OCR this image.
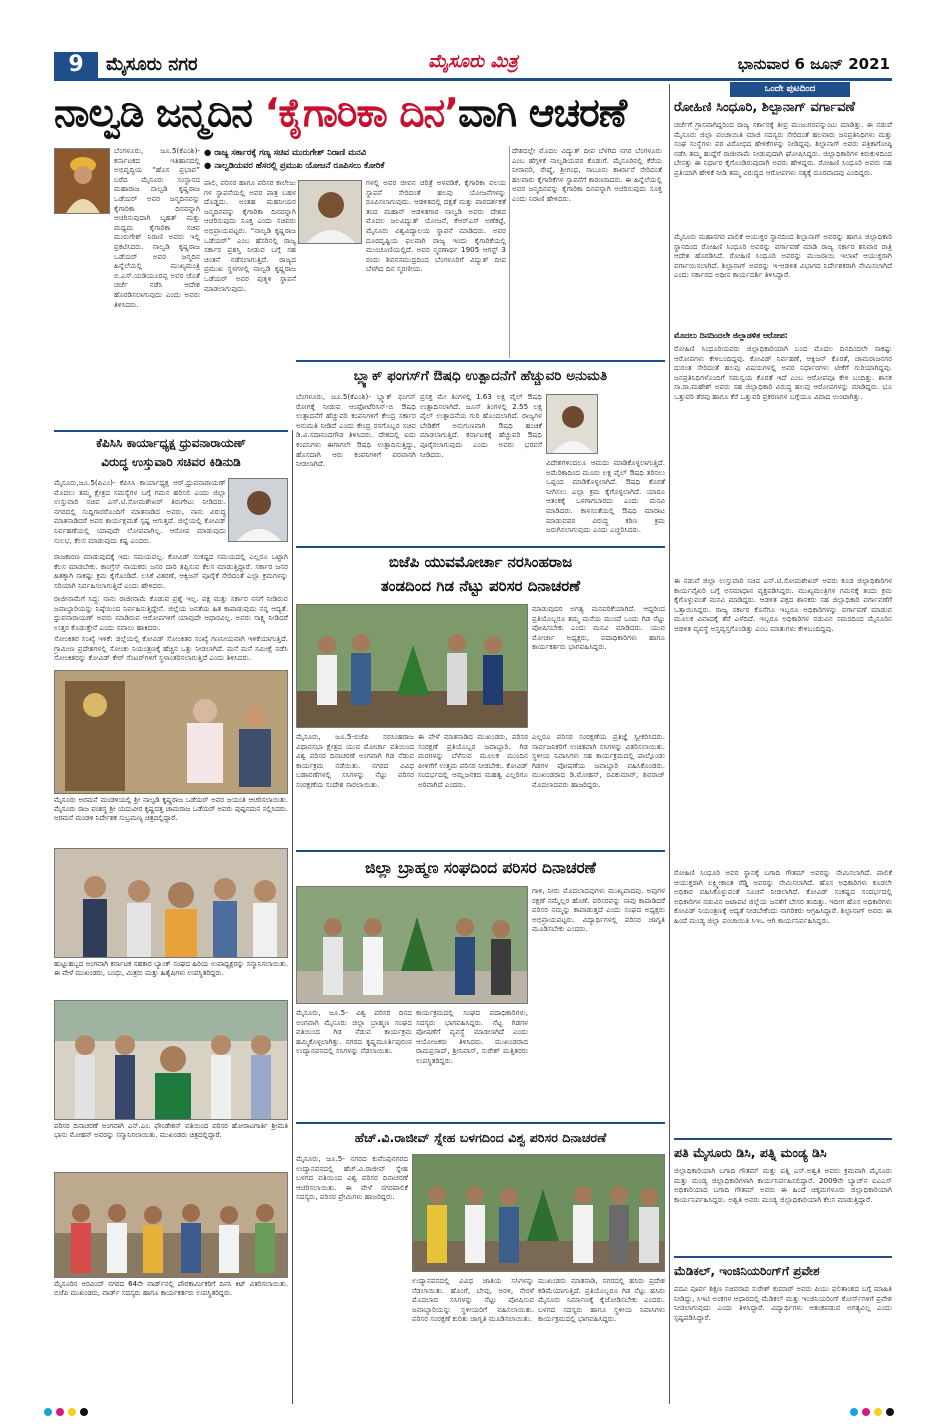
9	ಮೈಸೂರು ನಗರ	ಮೈಸೂರು ಮಿತ್ರ	ಭಾನುವಾರ 6 ಜೂನ್ 2021
ನಾಲ್ವಡಿ ಜನ್ಮದಿನ ‘ಕೈಗಾರಿಕಾ ದಿನ’ವಾಗಿ ಆಚರಣೆ
ಬೆಂಗಳೂರು, ಜೂ.5(ಕೆಎಂಶಿ)- ಕರ್ನಾಟಕದ ಇತಿಹಾಸದಲ್ಲಿ ಅಭಿವೃದ್ಧಿಯ “ಹೊಸ ಪ್ರಭಾವ” ಬರೆದ ಮೈಸೂರು ಸಂಸ್ಥಾನದ ಮಹಾರಾಜ ನಾಲ್ವಡಿ ಕೃಷ್ಣರಾಜ ಒಡೆಯರ್ ಅವರ ಜನ್ಮದಿನವನ್ನು ಕೈಗಾರಿಕಾ ದಿನವನ್ನಾಗಿ ಆಚರಿಸುವುದಾಗಿ ಬೃಹತ್ ಮತ್ತು ಮಧ್ಯಮ ಕೈಗಾರಿಕಾ ಸಚಿವ ಮುರುಗೇಶ್ ನಿರಾಣಿ ಅವರು ಇಲ್ಲಿ ಪ್ರಕಟಿಸಿದರು. ನಾಲ್ವಡಿ ಕೃಷ್ಣರಾಜ ಒಡೆಯರ್ ಅವರ ಜನ್ಮದಿನ ಹಿನ್ನೆಲೆಯಲ್ಲಿ ಮುಖ್ಯಮಂತ್ರಿ ಬಿ.ಎಸ್.ಯಡಿಯೂರಪ್ಪ ಅವರ ಜೊತೆ ಚರ್ಚೆ ನಡೆಸಿ ಆದೇಶ ಹೊರಡಿಸಲಾಗುವುದು ಎಂದು ಅವರು ತಿಳಿಸಿದರು.
● ರಾಜ್ಯ ಸರ್ಕಾರಕ್ಕೆ ಗಣ್ಯ ಸಚಿವ ಮುರುಗೇಶ್ ನಿರಾಣಿ ಮನವಿ
● ನಾಲ್ವಡಿಯವರ ಹೆಸರಲ್ಲಿ ಪ್ರಮುಖ ಯೋಜನೆ ರೂಪಿಸಲು ಕೋರಿಕೆ
ಪಾಲಿ, ಪರಿಸರ ಹಾಗೂ ಪರಿಸರ ಕಾಲೇಜು ಗಳ ಸ್ಥಾಪನೆಯಲ್ಲಿ ಅವರ ಪಾತ್ರ ಬಹಳ ದೊಡ್ಡದು. ಅಂತಹ ಮಹನೀಯರ ಜನ್ಮದಿನವನ್ನು ಕೈಗಾರಿಕಾ ದಿನವನ್ನಾಗಿ ಆಚರಿಸುವುದು ಸೂಕ್ತ ಎಂದು ಸಚಿವರು ಅಭಿಪ್ರಾಯಪಟ್ಟರು. “ನಾಲ್ವಡಿ ಕೃಷ್ಣರಾಜ ಒಡೆಯರ್” ಎಂಬ ಹೆಸರಿನಲ್ಲಿ ರಾಜ್ಯ ಸರ್ಕಾರ ಪ್ರಶಸ್ತಿ ನೀಡುವ ಬಗ್ಗೆ ಸಹ ಚಿಂತನೆ ನಡೆಸಲಾಗುತ್ತಿದೆ. ರಾಜ್ಯದ ಪ್ರಮುಖ ಸ್ಥಳಗಳಲ್ಲಿ ನಾಲ್ವಡಿ ಕೃಷ್ಣರಾಜ ಒಡೆಯರ್ ಅವರ ಪುತ್ಥಳಿ ಸ್ಥಾಪನೆ ಮಾಡಲಾಗುವುದು.
ಗಳಲ್ಲಿ ಅವರ ಜೀವನ ಚರಿತ್ರೆ ಅಳವಡಿಕೆ, ಕೈಗಾರಿಕಾ ವಲಯ ಸ್ಥಾಪನೆ ಸೇರಿದಂತೆ ಹಲವು ಯೋಜನೆಗಳನ್ನು ರೂಪಿಸಲಾಗುವುದು. ಆಡಳಿತದಲ್ಲಿ ದಕ್ಷತೆ ಮತ್ತು ಪಾರದರ್ಶಕತೆ ತಂದ ಮಹಾನ್ ಆಡಳಿತಗಾರ ನಾಲ್ವಡಿ ಅವರು ದೇಶದ ಮೊದಲ ಜಲವಿದ್ಯುತ್ ಯೋಜನೆ, ಕೆಆರ್‌ಎಸ್ ಅಣೆಕಟ್ಟೆ, ಮೈಸೂರು ವಿಶ್ವವಿದ್ಯಾಲಯ ಸ್ಥಾಪನೆ ಮಾಡಿದರು. ಅವರ ದೂರದೃಷ್ಟಿಯ ಫಲವಾಗಿ ರಾಜ್ಯ ಇಂದು ಕೈಗಾರಿಕೆಯಲ್ಲಿ ಮುಂಚೂಣಿಯಲ್ಲಿದೆ. ಅವರ ಸ್ಮರಣಾರ್ಥ 1905 ಆಗಸ್ಟ್ 3 ರಂದು ಶಿವನಸಮುದ್ರದಿಂದ ಬೆಂಗಳೂರಿಗೆ ವಿದ್ಯುತ್ ದೀಪ ಬೆಳಗಿದ ದಿನ ಸ್ಮರಣೀಯ.
ದೇಶದಲ್ಲೇ ಮೊದಲ ವಿದ್ಯುತ್ ದೀಪ ಬೆಳಗಿದ ನಗರ ಬೆಂಗಳೂರು ಎಂಬ ಹೆಗ್ಗಳಿಕೆ ನಾಲ್ವಡಿಯವರ ಕೊಡುಗೆ. ಮೈಸೂರಿನಲ್ಲಿ ಕೆರೆಯ ನೀರಾವರಿ, ರೇಷ್ಮೆ, ಶ್ರೀಗಂಧ, ಸಾಬೂನು ಕಾರ್ಖಾನೆ ಸೇರಿದಂತೆ ಹಲವಾರು ಕೈಗಾರಿಕೆಗಳ ಸ್ಥಾಪನೆಗೆ ಕಾರಣರಾದರು. ಈ ಹಿನ್ನೆಲೆಯಲ್ಲಿ ಅವರ ಜನ್ಮದಿನವನ್ನು ಕೈಗಾರಿಕಾ ದಿನವನ್ನಾಗಿ ಆಚರಿಸುವುದು ಸೂಕ್ತ ಎಂದು ನಿರಾಣಿ ಹೇಳಿದರು.
ಒಂದೇ ಪುಟದಿಂದ
ರೋಹಿಣಿ ಸಿಂಧೂರಿ, ಶಿಲ್ಪಾನಾಗ್ ವರ್ಗಾವಣೆ
ಚರ್ಚೆಗೆ ಗ್ರಾಸವಾಗಿದ್ದರಿಂದ ರಾಜ್ಯ ಸರ್ಕಾರಕ್ಕೆ ತೀವ್ರ ಮುಜುಗರವನ್ನುಂಟು ಮಾಡಿತ್ತು. ಈ ನಡುವೆ ಮೈಸೂರು ಜಿಲ್ಲಾ ಪಂಚಾಯಿತಿ ಮಾಜಿ ಸದಸ್ಯರು ಸೇರಿದಂತೆ ಹಲವಾರು ಜನಪ್ರತಿನಿಧಿಗಳು ಮತ್ತು ಸಂಘ ಸಂಸ್ಥೆಗಳು ಪರ ವಿರೋಧದ ಹೇಳಿಕೆಗಳನ್ನು ನೀಡಿದ್ದವು. ಶಿಲ್ಪಾನಾಗ್ ಅವರು ಪತ್ರಿಕಾಗೋಷ್ಠಿ ನಡೆಸಿ ತಮ್ಮ ಹುದ್ದೆಗೆ ರಾಜೀನಾಮೆ ನೀಡುವುದಾಗಿ ಘೋಷಿಸಿದ್ದರು. ಜಿಲ್ಲಾಧಿಕಾರಿಗಳ ಕಿರುಕುಳದಿಂದ ಬೇಸತ್ತು ಈ ನಿರ್ಧಾರ ಕೈಗೊಂಡಿರುವುದಾಗಿ ಅವರು ಹೇಳಿದ್ದರು. ರೋಹಿಣಿ ಸಿಂಧೂರಿ ಅವರು ಸಹ ಪ್ರತಿಯಾಗಿ ಹೇಳಿಕೆ ನೀಡಿ ತಮ್ಮ ವಿರುದ್ಧದ ಆರೋಪಗಳು ಸತ್ಯಕ್ಕೆ ದೂರವಾದವು ಎಂದಿದ್ದರು.
ಮೈಸೂರು ಮಹಾನಗರ ಪಾಲಿಕೆ ಆಯುಕ್ತರ ಸ್ಥಾನದಿಂದ ಶಿಲ್ಪಾನಾಗ್ ಅವರನ್ನು ಹಾಗೂ ಜಿಲ್ಲಾಧಿಕಾರಿ ಸ್ಥಾನದಿಂದ ರೋಹಿಣಿ ಸಿಂಧೂರಿ ಅವರನ್ನು ವರ್ಗಾವಣೆ ಮಾಡಿ ರಾಜ್ಯ ಸರ್ಕಾರ ಶನಿವಾರ ರಾತ್ರಿ ಆದೇಶ ಹೊರಡಿಸಿದೆ. ರೋಹಿಣಿ ಸಿಂಧೂರಿ ಅವರನ್ನು ಮುಜರಾಯಿ ಇಲಾಖೆ ಆಯುಕ್ತರಾಗಿ ವರ್ಗಾಯಿಸಲಾಗಿದೆ. ಶಿಲ್ಪಾನಾಗ್ ಅವರನ್ನು ಇ-ಆಡಳಿತ ವಿಭಾಗದ ನಿರ್ದೇಶಕರಾಗಿ ನೇಮಿಸಲಾಗಿದೆ ಎಂದು ಸರ್ಕಾರದ ಅಧೀನ ಕಾರ್ಯದರ್ಶಿ ತಿಳಿಸಿದ್ದಾರೆ.
ಮೊದಲು ದಿನದಿಂದಲೇ ಜಿಲ್ಲಾಡಳಿತ ಆರೋಪ:
ರೋಹಿಣಿ ಸಿಂಧೂರಿಯವರು ಜಿಲ್ಲಾಧಿಕಾರಿಯಾಗಿ ಬಂದ ಮೊದಲ ದಿನದಿಂದಲೇ ಸಾಕಷ್ಟು ಆರೋಪಗಳು ಕೇಳಿಬಂದಿದ್ದವು. ಕೋವಿಡ್ ನಿರ್ವಹಣೆ, ಆಕ್ಸಿಜನ್ ಕೊರತೆ, ಚಾಮರಾಜನಗರ ದುರಂತ ಸೇರಿದಂತೆ ಹಲವು ವಿಷಯಗಳಲ್ಲಿ ಅವರ ನಿರ್ಧಾರಗಳು ಟೀಕೆಗೆ ಗುರಿಯಾಗಿದ್ದವು. ಜನಪ್ರತಿನಿಧಿಗಳೊಂದಿಗೆ ಸಮನ್ವಯ ಕೊರತೆ ಇದೆ ಎಂಬ ಆರೋಪವೂ ಕೇಳಿ ಬಂದಿತ್ತು. ಶಾಸಕ ಸಾ.ರಾ.ಮಹೇಶ್ ಅವರು ಸಹ ಜಿಲ್ಲಾಧಿಕಾರಿ ವಿರುದ್ಧ ಹಲವು ಆರೋಪಗಳನ್ನು ಮಾಡಿದ್ದರು. ಭೂ ಒತ್ತುವರಿ ತೆರವು ಹಾಗೂ ಕೆರೆ ಒತ್ತುವರಿ ಪ್ರಕರಣಗಳ ಬಗ್ಗೆಯೂ ವಿವಾದ ಉಂಟಾಗಿತ್ತು.
ಈ ನಡುವೆ ಜಿಲ್ಲಾ ಉಸ್ತುವಾರಿ ಸಚಿವ ಎಸ್.ಟಿ.ಸೋಮಶೇಖರ್ ಅವರು ಕೂಡ ಜಿಲ್ಲಾಧಿಕಾರಿಗಳ ಕಾರ್ಯವೈಖರಿ ಬಗ್ಗೆ ಅಸಮಾಧಾನ ವ್ಯಕ್ತಪಡಿಸಿದ್ದರು. ಮುಖ್ಯಮಂತ್ರಿಗಳ ಗಮನಕ್ಕೆ ತಂದು ಕ್ರಮ ಕೈಗೊಳ್ಳುವಂತೆ ಮನವಿ ಮಾಡಿದ್ದರು. ಆಡಳಿತ ಪಕ್ಷದ ಶಾಸಕರು ಸಹ ಜಿಲ್ಲಾಧಿಕಾರಿ ವರ್ಗಾವಣೆಗೆ ಒತ್ತಾಯಿಸಿದ್ದರು. ರಾಜ್ಯ ಸರ್ಕಾರ ಕೊನೆಗೂ ಇಬ್ಬರೂ ಅಧಿಕಾರಿಗಳನ್ನು ವರ್ಗಾವಣೆ ಮಾಡುವ ಮೂಲಕ ವಿವಾದಕ್ಕೆ ತೆರೆ ಎಳೆದಿದೆ. ಇಬ್ಬರೂ ಅಧಿಕಾರಿಗಳ ನಡುವಿನ ಸಮರದಿಂದ ಮೈಸೂರಿನ ಆಡಳಿತ ವ್ಯವಸ್ಥೆ ಅಸ್ತವ್ಯಸ್ತಗೊಂಡಿತ್ತು ಎಂಬ ಮಾತುಗಳು ಕೇಳಿಬಂದಿದ್ದವು.
ರೋಹಿಣಿ ಸಿಂಧೂರಿ ಅವರ ಸ್ಥಾನಕ್ಕೆ ಬಗಾದಿ ಗೌತಮ್ ಅವರನ್ನು ನೇಮಿಸಲಾಗಿದೆ. ಪಾಲಿಕೆ ಆಯುಕ್ತರಾಗಿ ಲಕ್ಷ್ಮೀಕಾಂತ ರೆಡ್ಡಿ ಅವರನ್ನು ನೇಮಿಸಲಾಗಿದೆ. ಹೊಸ ಅಧಿಕಾರಿಗಳು ಕೂಡಲೇ ಅಧಿಕಾರ ವಹಿಸಿಕೊಳ್ಳುವಂತೆ ಸೂಚನೆ ನೀಡಲಾಗಿದೆ. ಕೋವಿಡ್ ಸಂಕಷ್ಟದ ಸಂದರ್ಭದಲ್ಲಿ ಅಧಿಕಾರಿಗಳ ನಡುವಿನ ಜಟಾಪಟಿ ಜಿಲ್ಲೆಯ ಜನತೆಗೆ ಬೇಸರ ತಂದಿತ್ತು. ಇದೀಗ ಹೊಸ ಅಧಿಕಾರಿಗಳು ಕೋವಿಡ್ ನಿಯಂತ್ರಣಕ್ಕೆ ಆದ್ಯತೆ ನೀಡಬೇಕೆಂದು ನಾಗರಿಕರು ಆಗ್ರಹಿಸಿದ್ದಾರೆ. ಶಿಲ್ಪಾನಾಗ್ ಅವರು ಈ ಹಿಂದೆ ಮಂಡ್ಯ ಜಿಲ್ಲಾ ಪಂಚಾಯಿತಿ ಸಿಇಒ ಆಗಿ ಕಾರ್ಯನಿರ್ವಹಿಸಿದ್ದರು.
ಪತಿ ಮೈಸೂರು ಡಿಸಿ, ಪತ್ನಿ ಮಂಡ್ಯ ಡಿಸಿ
ಜಿಲ್ಲಾಧಿಕಾರಿಯಾಗಿ ಬಗಾದಿ ಗೌತಮ್ ಮತ್ತು ಪತ್ನಿ ಎಸ್.ಅಶ್ವತಿ ಅವರು ಕ್ರಮವಾಗಿ ಮೈಸೂರು ಮತ್ತು ಮಂಡ್ಯ ಜಿಲ್ಲಾಧಿಕಾರಿಗಳಾಗಿ ಕಾರ್ಯನಿರ್ವಹಿಸಲಿದ್ದಾರೆ. 2009ನೇ ಬ್ಯಾಚ್‌ನ ಐಎಎಸ್ ಅಧಿಕಾರಿಯಾದ ಬಗಾದಿ ಗೌತಮ್ ಅವರು ಈ ಹಿಂದೆ ಚಿಕ್ಕಮಗಳೂರು ಜಿಲ್ಲಾಧಿಕಾರಿಯಾಗಿ ಕಾರ್ಯನಿರ್ವಹಿಸಿದ್ದರು. ಅಶ್ವತಿ ಅವರು ಮಂಡ್ಯ ಜಿಲ್ಲಾಧಿಕಾರಿಯಾಗಿ ಕೆಲಸ ಮಾಡುತ್ತಿದ್ದಾರೆ.
ಮೆಡಿಕಲ್, ಇಂಜಿನಿಯರಿಂಗ್‌ಗೆ ಪ್ರವೇಶ
ಪದವಿ ಪೂರ್ವ ಶಿಕ್ಷಣ ಸಚಿವರಾದ ಸುರೇಶ್ ಕುಮಾರ್ ಅವರು ಪಿಯು ಫಲಿತಾಂಶದ ಬಗ್ಗೆ ಮಾಹಿತಿ ನೀಡಿದ್ದು, ಸಿಇಟಿ ಅಂಕಗಳ ಆಧಾರದಲ್ಲಿ ಮೆಡಿಕಲ್ ಮತ್ತು ಇಂಜಿನಿಯರಿಂಗ್ ಕೋರ್ಸ್‌ಗಳಿಗೆ ಪ್ರವೇಶ ನೀಡಲಾಗುವುದು ಎಂದು ತಿಳಿಸಿದ್ದಾರೆ. ವಿದ್ಯಾರ್ಥಿಗಳು ಆತಂಕಪಡುವ ಅಗತ್ಯವಿಲ್ಲ ಎಂದು ಸ್ಪಷ್ಟಪಡಿಸಿದ್ದಾರೆ.
ಕೆಪಿಸಿಸಿ ಕಾರ್ಯಾಧ್ಯಕ್ಷ ಧ್ರುವನಾರಾಯಣ್
ವಿರುದ್ಧ ಉಸ್ತುವಾರಿ ಸಚಿವರ ಕಿಡಿನುಡಿ
ಮೈಸೂರು,ಜೂ.5(ಪಿಎಂ)- ಕೆಪಿಸಿಸಿ ಕಾರ್ಯಾಧ್ಯಕ್ಷ ಆರ್.ಧ್ರುವನಾರಾಯಣ್ ಮೊದಲು ತಮ್ಮ ಕ್ಷೇತ್ರದ ಸಮಸ್ಯೆಗಳ ಬಗ್ಗೆ ಗಮನ ಹರಿಸಲಿ ಎಂದು ಜಿಲ್ಲಾ ಉಸ್ತುವಾರಿ ಸಚಿವ ಎಸ್.ಟಿ.ಸೋಮಶೇಖರ್ ತಿರುಗೇಟು ನೀಡಿದರು. ನಗರದಲ್ಲಿ ಸುದ್ದಿಗಾರರೊಂದಿಗೆ ಮಾತನಾಡಿದ ಅವರು, ನಾನು ವಿರುದ್ಧ ಮಾತನಾಡಿದರೆ ಅವರ ಕಾರ್ಯಕ್ಷಮತೆ ಸ್ಪಷ್ಟ ಆಗುತ್ತದೆ. ಜಿಲ್ಲೆಯಲ್ಲಿ ಕೋವಿಡ್ ನಿರ್ವಹಣೆಯಲ್ಲಿ ಯಾವುದೇ ಲೋಪವಾಗಿಲ್ಲ. ಆರೋಪ ಮಾಡುವುದು ಸುಲಭ, ಕೆಲಸ ಮಾಡುವುದು ಕಷ್ಟ ಎಂದರು.
ರಾಜಕಾರಣ ಮಾಡುವುದಕ್ಕೆ ಇದು ಸಮಯವಲ್ಲ. ಕೋವಿಡ್ ಸಂಕಷ್ಟದ ಸಮಯದಲ್ಲಿ ಎಲ್ಲರೂ ಒಟ್ಟಾಗಿ ಕೆಲಸ ಮಾಡಬೇಕು. ಕಾಂಗ್ರೆಸ್ ನಾಯಕರು ಜನರ ದಾರಿ ತಪ್ಪಿಸುವ ಕೆಲಸ ಮಾಡುತ್ತಿದ್ದಾರೆ. ಸರ್ಕಾರ ಜನರ ಹಿತಕ್ಕಾಗಿ ಸಾಕಷ್ಟು ಕ್ರಮ ಕೈಗೊಂಡಿದೆ. ಲಸಿಕೆ ವಿತರಣೆ, ಆಕ್ಸಿಜನ್ ಪೂರೈಕೆ ಸೇರಿದಂತೆ ಎಲ್ಲಾ ಕ್ರಮಗಳನ್ನು ಸರಿಯಾಗಿ ನಿರ್ವಹಿಸಲಾಗುತ್ತಿದೆ ಎಂದು ಹೇಳಿದರು.
ರಾಜೀನಾಮೆಗೆ ಸಿದ್ಧ: ನಾನು ರಾಜೀನಾಮೆ ಕೊಡುವ ಪ್ರಶ್ನೆ ಇಲ್ಲ. ಪಕ್ಷ ಮತ್ತು ಸರ್ಕಾರ ನನಗೆ ನೀಡಿರುವ ಜವಾಬ್ದಾರಿಯನ್ನು ನಿಷ್ಠೆಯಿಂದ ನಿರ್ವಹಿಸುತ್ತಿದ್ದೇನೆ. ಜಿಲ್ಲೆಯ ಜನತೆಯ ಹಿತ ಕಾಪಾಡುವುದು ನನ್ನ ಆದ್ಯತೆ. ಧ್ರುವನಾರಾಯಣ್ ಅವರು ಮಾಡಿರುವ ಆರೋಪಗಳಿಗೆ ಯಾವುದೇ ಆಧಾರವಿಲ್ಲ. ಅವರು ಸಾಕ್ಷ್ಯ ನೀಡಿದರೆ ಉತ್ತರ ಕೊಡುತ್ತೇನೆ ಎಂದು ಸವಾಲು ಹಾಕಿದರು.
ಸೋಂಕಿತರ ಸಂಖ್ಯೆ ಇಳಿಕೆ: ಜಿಲ್ಲೆಯಲ್ಲಿ ಕೋವಿಡ್ ಸೋಂಕಿತರ ಸಂಖ್ಯೆ ಗಣನೀಯವಾಗಿ ಇಳಿಕೆಯಾಗುತ್ತಿದೆ. ಗ್ರಾಮೀಣ ಪ್ರದೇಶಗಳಲ್ಲಿ ಸೋಂಕು ನಿಯಂತ್ರಣಕ್ಕೆ ಹೆಚ್ಚಿನ ಒತ್ತು ನೀಡಲಾಗಿದೆ. ಮನೆ ಮನೆ ಸಮೀಕ್ಷೆ ನಡೆಸಿ ಸೋಂಕಿತರನ್ನು ಕೋವಿಡ್ ಕೇರ್ ಸೆಂಟರ್‌ಗಳಿಗೆ ಸ್ಥಳಾಂತರಿಸಲಾಗುತ್ತಿದೆ ಎಂದು ತಿಳಿಸಿದರು.
ಮೈಸೂರು ಅರಮನೆ ಮಂಡಳಿಯಲ್ಲಿ ಶ್ರೀ ನಾಲ್ವಡಿ ಕೃಷ್ಣರಾಜ ಒಡೆಯರ್ ಅವರ ಜಯಂತಿ ಆಚರಿಸಲಾಯಿತು. ಮೈಸೂರು ರಾಜ ವಂಶಸ್ಥ ಶ್ರೀ ಯದುವೀರ ಕೃಷ್ಣದತ್ತ ಚಾಮರಾಜ ಒಡೆಯರ್ ಅವರು ಪುಷ್ಪನಮನ ಸಲ್ಲಿಸಿದರು. ಅರಮನೆ ಮಂಡಳಿ ನಿರ್ದೇಶಕ ಸುಬ್ರಮಣ್ಯ ಚಿತ್ರದಲ್ಲಿದ್ದಾರೆ.
ಹುಟ್ಟುಹಬ್ಬದ ಅಂಗವಾಗಿ ಕರ್ನಾಟಕ ಸಹಕಾರ ಬ್ಯಾಂಕ್ ಸಂಘದ ಹಿರಿಯ ಉಪಾಧ್ಯಕ್ಷರನ್ನು ಸನ್ಮಾನಿಸಲಾಯಿತು. ಈ ವೇಳೆ ಮುಖಂಡರು, ಬಂಧು, ಮಿತ್ರರು ಮತ್ತು ಹಿತೈಷಿಗಳು ಉಪಸ್ಥಿತರಿದ್ದರು.
ಪರಿಸರ ದಿನಾಚರಣೆ ಅಂಗವಾಗಿ ಎನ್.ಎಂ. ಫೌಂಡೇಶನ್ ವತಿಯಿಂದ ಪರಿಸರ ಹೋರಾಟಗಾರ್ತಿ ಶ್ರೀಮತಿ ಭಾನು ಮೋಹನ್ ಅವರನ್ನು ಸನ್ಮಾನಿಸಲಾಯಿತು. ಮುಖಂಡರು ಚಿತ್ರದಲ್ಲಿದ್ದಾರೆ.
ಮೈಸೂರಿನ ಅರವಿಂದ್ ನಗರದ 64ನೇ ವಾರ್ಡ್‌ನಲ್ಲಿ ಪೌರಕಾರ್ಮಿಕರಿಗೆ ದಿನಸಿ ಕಿಟ್ ವಿತರಿಸಲಾಯಿತು. ಬಿಜೆಪಿ ಮುಖಂಡರು, ವಾರ್ಡ್ ಸದಸ್ಯರು ಹಾಗೂ ಕಾರ್ಯಕರ್ತರು ಉಪಸ್ಥಿತರಿದ್ದರು.
ಬ್ಲ್ಯಾಕ್ ಫಂಗಸ್‌ಗೆ ಔಷಧಿ ಉತ್ಪಾದನೆಗೆ ಹೆಚ್ಚುವರಿ ಅನುಮತಿ
ಬೆಂಗಳೂರು, ಜೂ.5(ಕೆಎಂಶಿ)- ಬ್ಲ್ಯಾಕ್ ಫಂಗಸ್ ರೋಗಕ್ಕೆ ನೀಡುವ ಆಂಫೋಟೆರಿಸಿನ್-ಬಿ ಔಷಧಿ ಉತ್ಪಾದನೆಗೆ ಹೆಚ್ಚುವರಿ ಕಂಪನಿಗಳಿಗೆ ಕೇಂದ್ರ ಸರ್ಕಾರ ಅನುಮತಿ ನೀಡಿದೆ ಎಂದು ಕೇಂದ್ರ ರಸಗೊಬ್ಬರ ಸಚಿವ ಡಿ.ವಿ.ಸದಾನಂದಗೌಡ ತಿಳಿಸಿದರು. ದೇಶದಲ್ಲಿ ಐದು ಕಂಪನಿಗಳು ಈಗಾಗಲೇ ಔಷಧಿ ಉತ್ಪಾದಿಸುತ್ತಿದ್ದು, ಹೊಸದಾಗಿ ಆರು ಕಂಪನಿಗಳಿಗೆ ಪರವಾನಗಿ ನೀಡಲಾಗಿದೆ.
ಪ್ರಸಕ್ತ ಮೇ ತಿಂಗಳಲ್ಲಿ 1.63 ಲಕ್ಷ ವೈಲ್ ಔಷಧಿ ಉತ್ಪಾದಿಸಲಾಗಿದೆ. ಜೂನ್ ತಿಂಗಳಲ್ಲಿ 2.55 ಲಕ್ಷ ವೈಲ್ ಉತ್ಪಾದನೆಯ ಗುರಿ ಹೊಂದಲಾಗಿದೆ. ರಾಜ್ಯಗಳ ಬೇಡಿಕೆಗೆ ಅನುಗುಣವಾಗಿ ಔಷಧಿ ಹಂಚಿಕೆ ಮಾಡಲಾಗುತ್ತಿದೆ. ಕರ್ನಾಟಕಕ್ಕೆ ಹೆಚ್ಚುವರಿ ಔಷಧಿ ಪೂರೈಸಲಾಗುವುದು ಎಂದು ಅವರು ಭರವಸೆ ನೀಡಿದರು.
ವಿದೇಶಗಳಿಂದಲೂ ಆಮದು ಮಾಡಿಕೊಳ್ಳಲಾಗುತ್ತಿದೆ. ಅಮೆರಿಕಾದಿಂದ ಮೂರು ಲಕ್ಷ ವೈಲ್ ಔಷಧಿ ತರಿಸಲು ಒಪ್ಪಂದ ಮಾಡಿಕೊಳ್ಳಲಾಗಿದೆ. ಔಷಧಿ ಕೊರತೆ ನೀಗಿಸಲು ಎಲ್ಲಾ ಕ್ರಮ ಕೈಗೊಳ್ಳಲಾಗಿದೆ. ಯಾರೂ ಆತಂಕಕ್ಕೆ ಒಳಗಾಗಬಾರದು ಎಂದು ಮನವಿ ಮಾಡಿದರು. ಕಾಳಸಂತೆಯಲ್ಲಿ ಔಷಧಿ ಮಾರಾಟ ಮಾಡುವವರ ವಿರುದ್ಧ ಕಠಿಣ ಕ್ರಮ ಜರುಗಿಸಲಾಗುವುದು ಎಂದು ಎಚ್ಚರಿಸಿದರು.
ಬಿಜೆಪಿ ಯುವಮೋರ್ಚಾ ನರಸಿಂಹರಾಜ
ತಂಡದಿಂದ ಗಿಡ ನೆಟ್ಟು ಪರಿಸರ ದಿನಾಚರಣೆ
ಮಾಡುವುದರ ಅಗತ್ಯ ಮನವರಿಕೆಯಾಗಿದೆ. ಆದ್ದರಿಂದ ಪ್ರತಿಯೊಬ್ಬರೂ ತಮ್ಮ ಮನೆಯ ಮುಂದೆ ಒಂದು ಗಿಡ ನೆಟ್ಟು ಪೋಷಿಸಬೇಕು ಎಂದು ಮನವಿ ಮಾಡಿದರು. ಯುವ ಮೋರ್ಚಾ ಅಧ್ಯಕ್ಷರು, ಪದಾಧಿಕಾರಿಗಳು ಹಾಗೂ ಕಾರ್ಯಕರ್ತರು ಭಾಗವಹಿಸಿದ್ದರು.
ಮೈಸೂರು, ಜೂ.5-ಬಿಜೆಪಿ ನರಸಿಂಹರಾಜ ವಿಧಾನಸಭಾ ಕ್ಷೇತ್ರದ ಯುವ ಮೋರ್ಚಾ ವತಿಯಿಂದ ವಿಶ್ವ ಪರಿಸರ ದಿನಾಚರಣೆ ಅಂಗವಾಗಿ ಗಿಡ ನೆಡುವ ಕಾರ್ಯಕ್ರಮ ನಡೆಯಿತು. ನಗರದ ವಿವಿಧ ಬಡಾವಣೆಗಳಲ್ಲಿ ಸಸಿಗಳನ್ನು ನೆಟ್ಟು ಪರಿಸರ ಸಂರಕ್ಷಣೆಯ ಸಂದೇಶ ಸಾರಲಾಯಿತು.
ಈ ವೇಳೆ ಮಾತನಾಡಿದ ಮುಖಂಡರು, ಪರಿಸರ ಸಂರಕ್ಷಣೆ ಪ್ರತಿಯೊಬ್ಬರ ಜವಾಬ್ದಾರಿ. ಗಿಡ ಮರಗಳನ್ನು ಬೆಳೆಸುವ ಮೂಲಕ ಮುಂದಿನ ಪೀಳಿಗೆಗೆ ಉತ್ತಮ ಪರಿಸರ ನೀಡಬೇಕು. ಕೋವಿಡ್ ಸಂದರ್ಭದಲ್ಲಿ ಆಮ್ಲಜನಕದ ಮಹತ್ವ ಎಲ್ಲರಿಗೂ ಅರಿವಾಗಿದೆ ಎಂದರು.
ಎಲ್ಲರೂ ಪರಿಸರ ಸಂರಕ್ಷಣೆಯ ಪ್ರತಿಜ್ಞೆ ಸ್ವೀಕರಿಸಿದರು. ಸಾರ್ವಜನಿಕರಿಗೆ ಉಚಿತವಾಗಿ ಸಸಿಗಳನ್ನು ವಿತರಿಸಲಾಯಿತು. ಸ್ಥಳೀಯ ನಿವಾಸಿಗಳು ಸಹ ಕಾರ್ಯಕ್ರಮದಲ್ಲಿ ಪಾಲ್ಗೊಂಡು ಗಿಡಗಳ ಪೋಷಣೆಯ ಜವಾಬ್ದಾರಿ ವಹಿಸಿಕೊಂಡರು. ಮುಖಂಡರಾದ ಡಿ.ಮೋಹನ್, ರವಿಕುಮಾರ್, ಶಿವರಾಜ್ ಮೊದಲಾದವರು ಹಾಜರಿದ್ದರು.
ಜಿಲ್ಲಾ ಬ್ರಾಹ್ಮಣ ಸಂಘದಿಂದ ಪರಿಸರ ದಿನಾಚರಣೆ
ಗಾಳಿ, ನೀರು ಮೊದಲಾದವುಗಳು ಮುಖ್ಯವಾದವು. ಅವುಗಳ ರಕ್ಷಣೆ ನಮ್ಮೆಲ್ಲರ ಹೊಣೆ. ಪರಿಸರವನ್ನು ನಾವು ಕಾಪಾಡಿದರೆ ಪರಿಸರ ನಮ್ಮನ್ನು ಕಾಪಾಡುತ್ತದೆ ಎಂದು ಸಂಘದ ಅಧ್ಯಕ್ಷರು ಅಭಿಪ್ರಾಯಪಟ್ಟರು. ವಿದ್ಯಾರ್ಥಿಗಳಲ್ಲಿ ಪರಿಸರ ಜಾಗೃತಿ ಮೂಡಿಸಬೇಕು ಎಂದರು.
ಮೈಸೂರು, ಜೂ.5- ವಿಶ್ವ ಪರಿಸರ ದಿನದ ಅಂಗವಾಗಿ ಮೈಸೂರು ಜಿಲ್ಲಾ ಬ್ರಾಹ್ಮಣ ಸಂಘದ ವತಿಯಿಂದ ಗಿಡ ನೆಡುವ ಕಾರ್ಯಕ್ರಮ ಹಮ್ಮಿಕೊಳ್ಳಲಾಗಿತ್ತು. ನಗರದ ಕೃಷ್ಣಮೂರ್ತಿಪುರಂನ ಉದ್ಯಾನವನದಲ್ಲಿ ಸಸಿಗಳನ್ನು ನೆಡಲಾಯಿತು.
ಕಾರ್ಯಕ್ರಮದಲ್ಲಿ ಸಂಘದ ಪದಾಧಿಕಾರಿಗಳು, ಸದಸ್ಯರು ಭಾಗವಹಿಸಿದ್ದರು. ನೆಟ್ಟ ಗಿಡಗಳ ಪೋಷಣೆಗೆ ವ್ಯವಸ್ಥೆ ಮಾಡಲಾಗಿದೆ ಎಂದು ಆಯೋಜಕರು ತಿಳಿಸಿದರು. ಮುಖಂಡರಾದ ರಾಮಪ್ರಸಾದ್, ಶ್ರೀನಿವಾಸ್, ಸುರೇಶ್ ಮತ್ತಿತರರು ಉಪಸ್ಥಿತರಿದ್ದರು.
ಹೆಚ್.ವಿ.ರಾಜೀವ್ ಸ್ನೇಹ ಬಳಗದಿಂದ ವಿಶ್ವ ಪರಿಸರ ದಿನಾಚರಣೆ
ಮೈಸೂರು, ಜೂ.5- ನಗರದ ಕುವೆಂಪುನಗರದ ಉದ್ಯಾನವನದಲ್ಲಿ ಹೆಚ್.ವಿ.ರಾಜೀವ್ ಸ್ನೇಹ ಬಳಗದ ವತಿಯಿಂದ ವಿಶ್ವ ಪರಿಸರ ದಿನಾಚರಣೆ ಆಚರಿಸಲಾಯಿತು. ಈ ವೇಳೆ ನಗರಪಾಲಿಕೆ ಸದಸ್ಯರು, ಪರಿಸರ ಪ್ರೇಮಿಗಳು ಹಾಜರಿದ್ದರು.
ಉದ್ಯಾನವನದಲ್ಲಿ ವಿವಿಧ ಜಾತಿಯ ಸಸಿಗಳನ್ನು ನೆಡಲಾಯಿತು. ಹೊಂಗೆ, ಬೇವು, ಅರಳಿ, ನೇರಳೆ ಮೊದಲಾದ ಸಸಿಗಳನ್ನು ನೆಟ್ಟು ಪೋಷಿಸುವ ಜವಾಬ್ದಾರಿಯನ್ನು ಸ್ಥಳೀಯರಿಗೆ ವಹಿಸಲಾಯಿತು. ಪರಿಸರ ಸಂರಕ್ಷಣೆ ಕುರಿತು ಜಾಗೃತಿ ಮೂಡಿಸಲಾಯಿತು.
ಮುಖಂಡರು ಮಾತನಾಡಿ, ನಗರದಲ್ಲಿ ಹಸಿರು ಪ್ರದೇಶ ಕಡಿಮೆಯಾಗುತ್ತಿದೆ. ಪ್ರತಿಯೊಬ್ಬರೂ ಗಿಡ ನೆಟ್ಟು ಹಸಿರು ಮೈಸೂರು ನಿರ್ಮಾಣಕ್ಕೆ ಕೈಜೋಡಿಸಬೇಕು ಎಂದರು. ಬಳಗದ ಸದಸ್ಯರು ಹಾಗೂ ಸ್ಥಳೀಯ ನಿವಾಸಿಗಳು ಕಾರ್ಯಕ್ರಮದಲ್ಲಿ ಭಾಗವಹಿಸಿದ್ದರು.
